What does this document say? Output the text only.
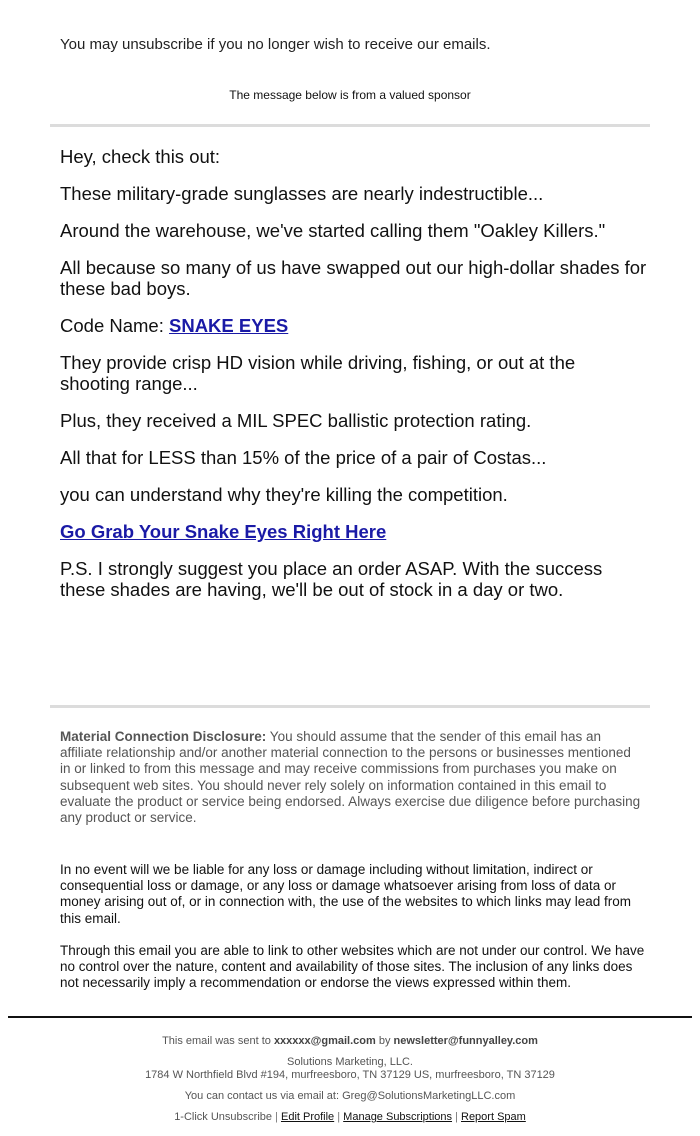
You may unsubscribe if you no longer wish to receive our emails.
The message below is from a valued sponsor

Hey, check this out:

These military-grade sunglasses are nearly indestructible...

Around the warehouse, we've started calling them "Oakley Killers."

All because so many of us have swapped out our high-dollar shades for these bad boys.

Code Name: SNAKE EYES

They provide crisp HD vision while driving, fishing, or out at the shooting range...

Plus, they received a MIL SPEC ballistic protection rating.

All that for LESS than 15% of the price of a pair of Costas...

you can understand why they're killing the competition.

Go Grab Your Snake Eyes Right Here

P.S. I strongly suggest you place an order ASAP. With the success these shades are having, we'll be out of stock in a day or two.

Material Connection Disclosure: You should assume that the sender of this email has an affiliate relationship and/or another material connection to the persons or businesses mentioned in or linked to from this message and may receive commissions from purchases you make on subsequent web sites. You should never rely solely on information contained in this email to evaluate the product or service being endorsed. Always exercise due diligence before purchasing any product or service.

In no event will we be liable for any loss or damage including without limitation, indirect or consequential loss or damage, or any loss or damage whatsoever arising from loss of data or money arising out of, or in connection with, the use of the websites to which links may lead from this email.

Through this email you are able to link to other websites which are not under our control. We have no control over the nature, content and availability of those sites. The inclusion of any links does not necessarily imply a recommendation or endorse the views expressed within them.

This email was sent to xxxxxx@gmail.com by newsletter@funnyalley.com

Solutions Marketing, LLC.
1784 W Northfield Blvd #194, murfreesboro, TN 37129 US, murfreesboro, TN 37129

You can contact us via email at: Greg@SolutionsMarketingLLC.com

1-Click Unsubscribe | Edit Profile | Manage Subscriptions | Report Spam
